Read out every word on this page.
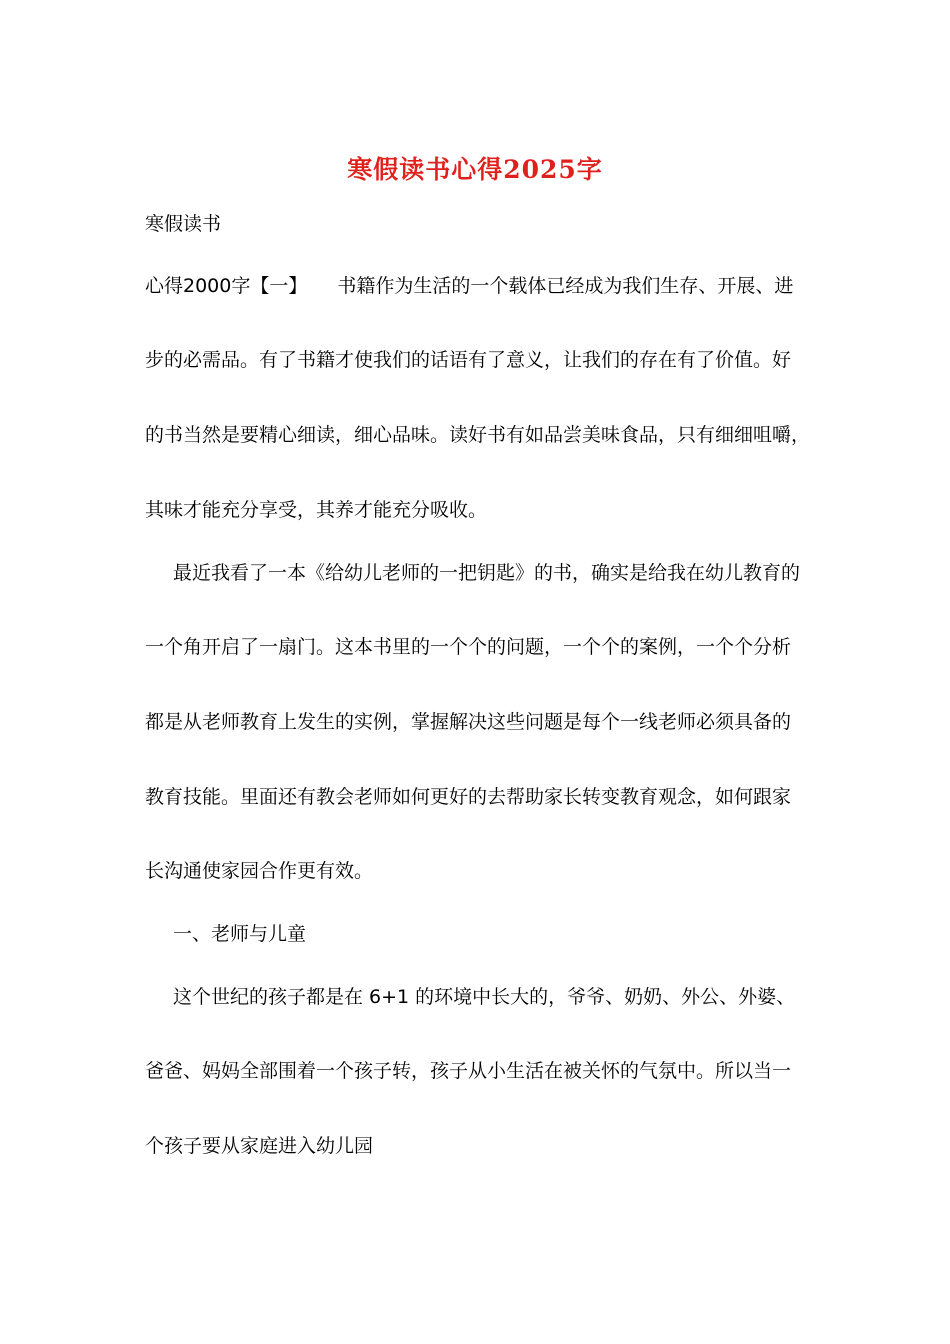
寒假读书心得2025字
寒假读书
心得2000字【一】 书籍作为生活的一个载体已经成为我们生存、开展、进
步的必需品。有了书籍才使我们的话语有了意义，让我们的存在有了价值。好
的书当然是要精心细读，细心品味。读好书有如品尝美味食品，只有细细咀嚼，
其味才能充分享受，其养才能充分吸收。
最近我看了一本《给幼儿老师的一把钥匙》的书，确实是给我在幼儿教育的
一个角开启了一扇门。这本书里的一个个的问题，一个个的案例，一个个分析
都是从老师教育上发生的实例，掌握解决这些问题是每个一线老师必须具备的
教育技能。里面还有教会老师如何更好的去帮助家长转变教育观念，如何跟家
长沟通使家园合作更有效。
一、老师与儿童
这个世纪的孩子都是在 6+1 的环境中长大的，爷爷、奶奶、外公、外婆、
爸爸、妈妈全部围着一个孩子转，孩子从小生活在被关怀的气氛中。所以当一
个孩子要从家庭进入幼儿园
